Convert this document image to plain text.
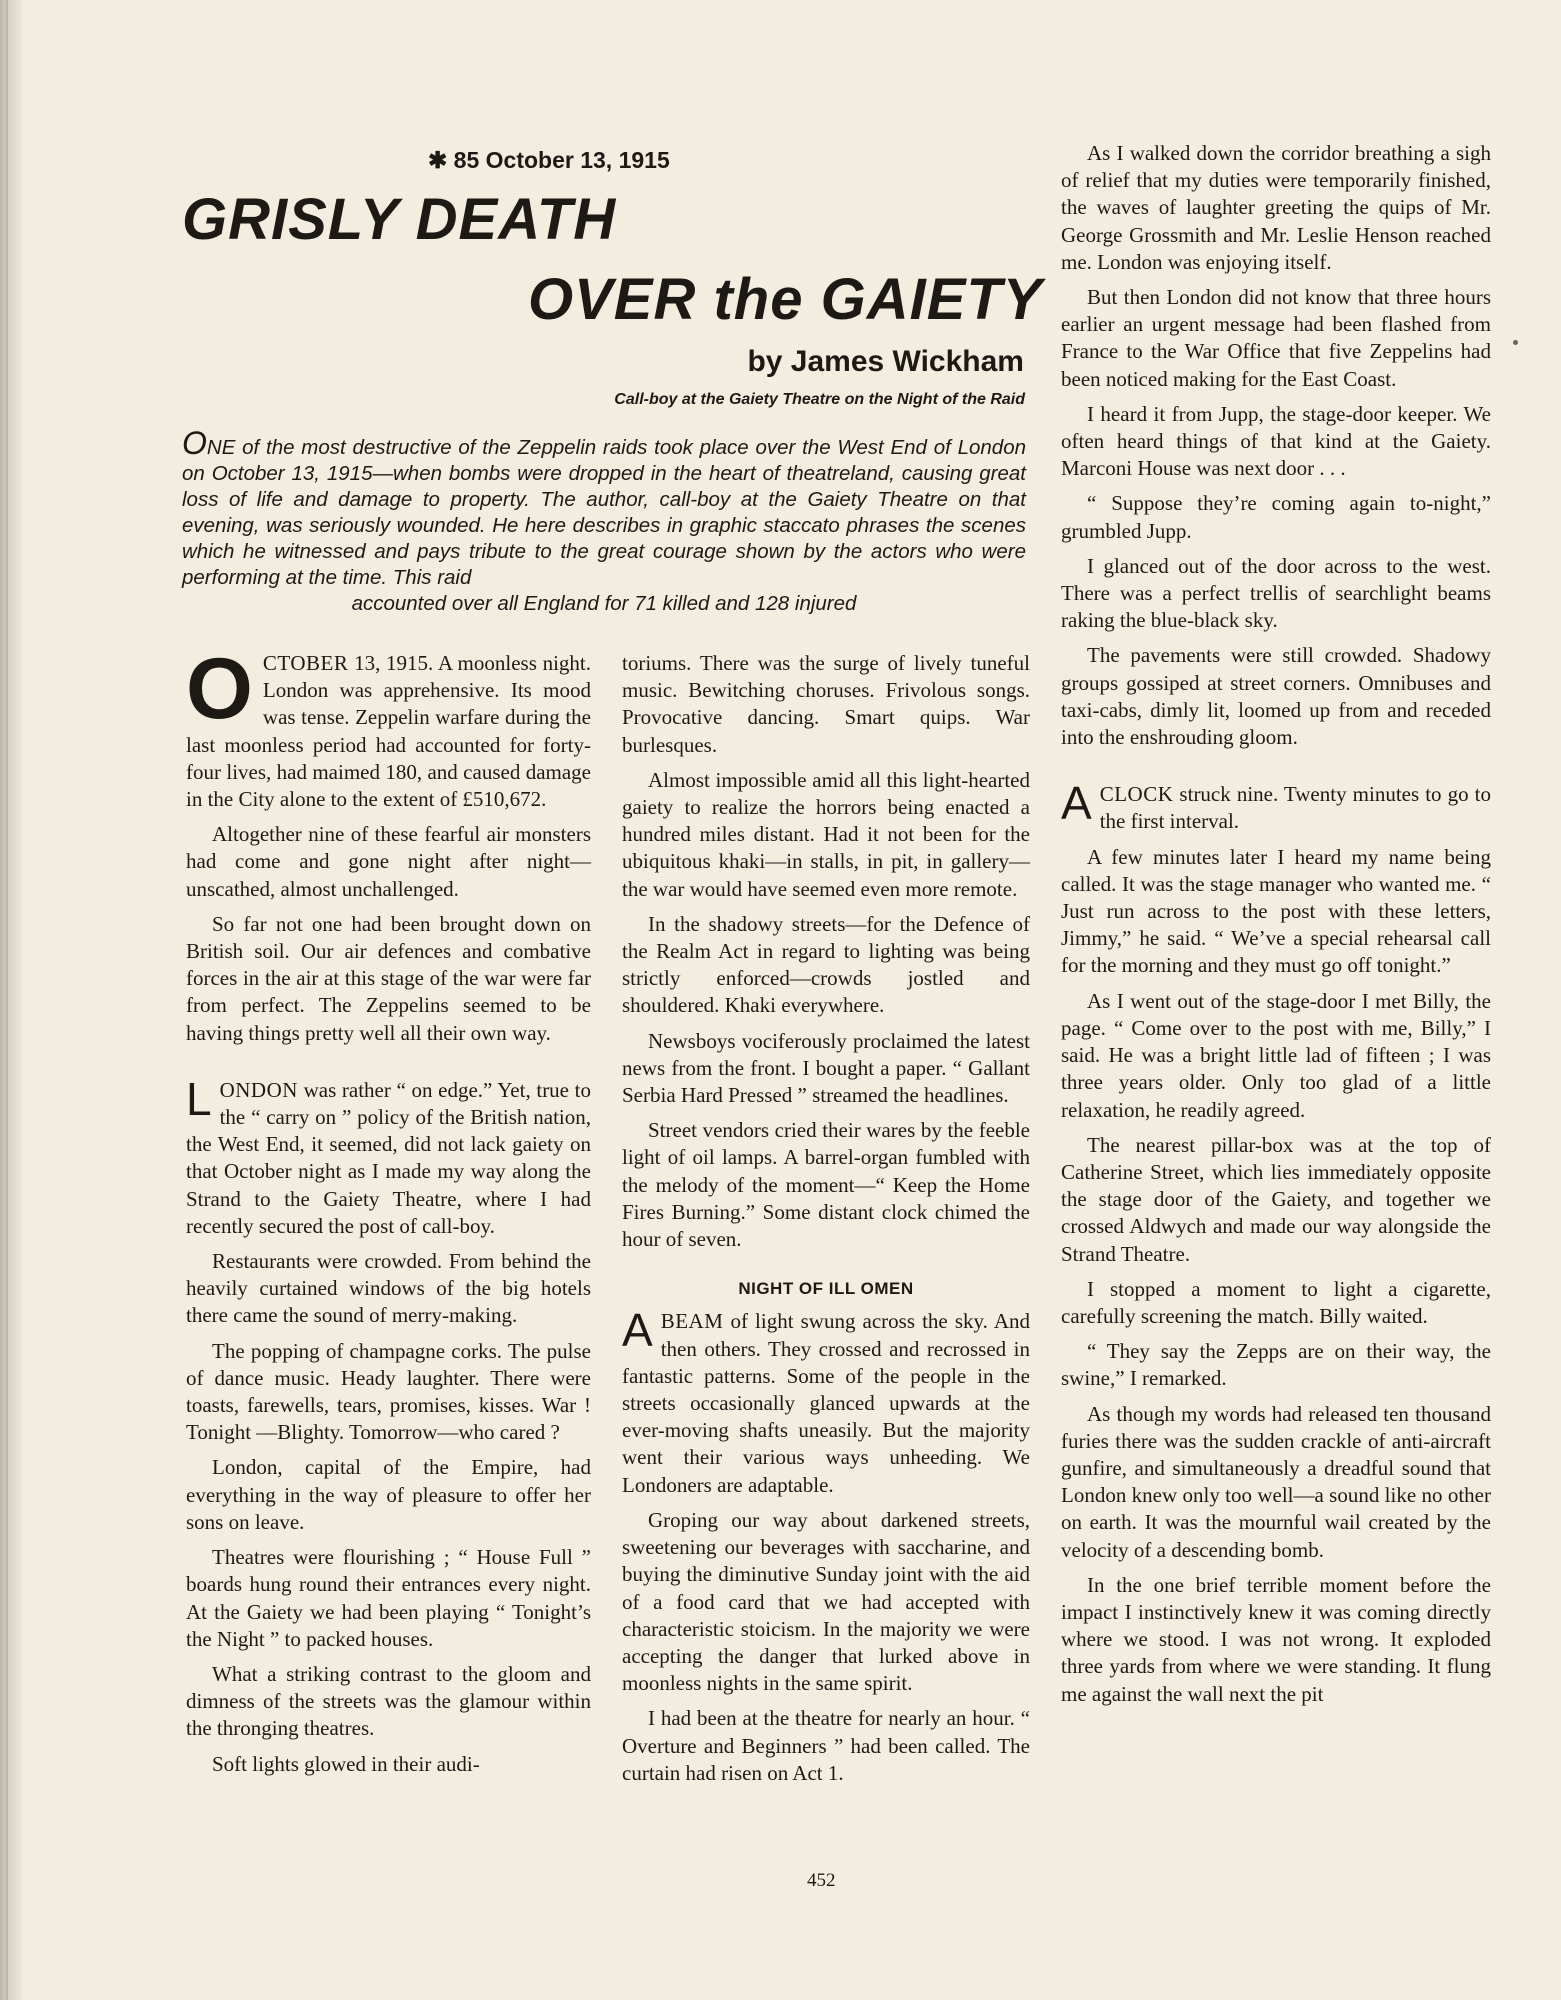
✱ 85 October 13, 1915
GRISLY DEATH
OVER the GAIETY
by James Wickham
Call-boy at the Gaiety Theatre on the Night of the Raid
ONE of the most destructive of the Zeppelin raids took place over the West End of London on October 13, 1915—when bombs were dropped in the heart of theatreland, causing great loss of life and damage to property. The author, call-boy at the Gaiety Theatre on that evening, was seriously wounded. He here describes in graphic staccato phrases the scenes which he witnessed and pays tribute to the great courage shown by the actors who were performing at the time. This raid
accounted over all England for 71 killed and 128 injured

OCTOBER 13, 1915. A moonless night. London was apprehensive. Its mood was tense. Zeppelin warfare during the last moonless period had accounted for forty-four lives, had maimed 180, and caused damage in the City alone to the extent of £510,672.

Altogether nine of these fearful air monsters had come and gone night after night—unscathed, almost unchallenged.

So far not one had been brought down on British soil. Our air defences and combative forces in the air at this stage of the war were far from perfect. The Zeppelins seemed to be having things pretty well all their own way.

LONDON was rather “ on edge.” Yet, true to the “ carry on ” policy of the British nation, the West End, it seemed, did not lack gaiety on that October night as I made my way along the Strand to the Gaiety Theatre, where I had recently secured the post of call-boy.

Restaurants were crowded. From behind the heavily curtained windows of the big hotels there came the sound of merry-making.

The popping of champagne corks. The pulse of dance music. Heady laughter. There were toasts, farewells, tears, promises, kisses. War ! Tonight —Blighty. Tomorrow—who cared ?

London, capital of the Empire, had everything in the way of pleasure to offer her sons on leave.

Theatres were flourishing ; “ House Full ” boards hung round their entrances every night. At the Gaiety we had been playing “ Tonight’s the Night ” to packed houses.

What a striking contrast to the gloom and dimness of the streets was the glamour within the thronging theatres.

Soft lights glowed in their audi-

toriums. There was the surge of lively tuneful music. Bewitching choruses. Frivolous songs. Provocative dancing. Smart quips. War burlesques.

Almost impossible amid all this light-hearted gaiety to realize the horrors being enacted a hundred miles distant. Had it not been for the ubiquitous khaki—in stalls, in pit, in gallery—the war would have seemed even more remote.

In the shadowy streets—for the Defence of the Realm Act in regard to lighting was being strictly enforced—crowds jostled and shouldered. Khaki everywhere.

Newsboys vociferously proclaimed the latest news from the front. I bought a paper. “ Gallant Serbia Hard Pressed ” streamed the headlines.

Street vendors cried their wares by the feeble light of oil lamps. A barrel-organ fumbled with the melody of the moment—“ Keep the Home Fires Burning.” Some distant clock chimed the hour of seven.

NIGHT OF ILL OMEN

ABEAM of light swung across the sky. And then others. They crossed and recrossed in fantastic patterns. Some of the people in the streets occasionally glanced upwards at the ever-moving shafts uneasily. But the majority went their various ways unheeding. We Londoners are adaptable.

Groping our way about darkened streets, sweetening our beverages with saccharine, and buying the diminutive Sunday joint with the aid of a food card that we had accepted with characteristic stoicism. In the majority we were accepting the danger that lurked above in moonless nights in the same spirit.

I had been at the theatre for nearly an hour. “ Overture and Beginners ” had been called. The curtain had risen on Act 1.

As I walked down the corridor breathing a sigh of relief that my duties were temporarily finished, the waves of laughter greeting the quips of Mr. George Grossmith and Mr. Leslie Henson reached me. London was enjoying itself.

But then London did not know that three hours earlier an urgent message had been flashed from France to the War Office that five Zeppelins had been noticed making for the East Coast.

I heard it from Jupp, the stage-door keeper. We often heard things of that kind at the Gaiety. Marconi House was next door . . .

“ Suppose they’re coming again to-night,” grumbled Jupp.

I glanced out of the door across to the west. There was a perfect trellis of searchlight beams raking the blue-black sky.

The pavements were still crowded. Shadowy groups gossiped at street corners. Omnibuses and taxi-cabs, dimly lit, loomed up from and receded into the enshrouding gloom.

ACLOCK struck nine. Twenty minutes to go to the first interval.

A few minutes later I heard my name being called. It was the stage manager who wanted me. “ Just run across to the post with these letters, Jimmy,” he said. “ We’ve a special rehearsal call for the morning and they must go off tonight.”

As I went out of the stage-door I met Billy, the page. “ Come over to the post with me, Billy,” I said. He was a bright little lad of fifteen ; I was three years older. Only too glad of a little relaxation, he readily agreed.

The nearest pillar-box was at the top of Catherine Street, which lies immediately opposite the stage door of the Gaiety, and together we crossed Aldwych and made our way alongside the Strand Theatre.

I stopped a moment to light a cigarette, carefully screening the match. Billy waited.

“ They say the Zepps are on their way, the swine,” I remarked.

As though my words had released ten thousand furies there was the sudden crackle of anti-aircraft gunfire, and simultaneously a dreadful sound that London knew only too well—a sound like no other on earth. It was the mournful wail created by the velocity of a descending bomb.

In the one brief terrible moment before the impact I instinctively knew it was coming directly where we stood. I was not wrong. It exploded three yards from where we were standing. It flung me against the wall next the pit

452
